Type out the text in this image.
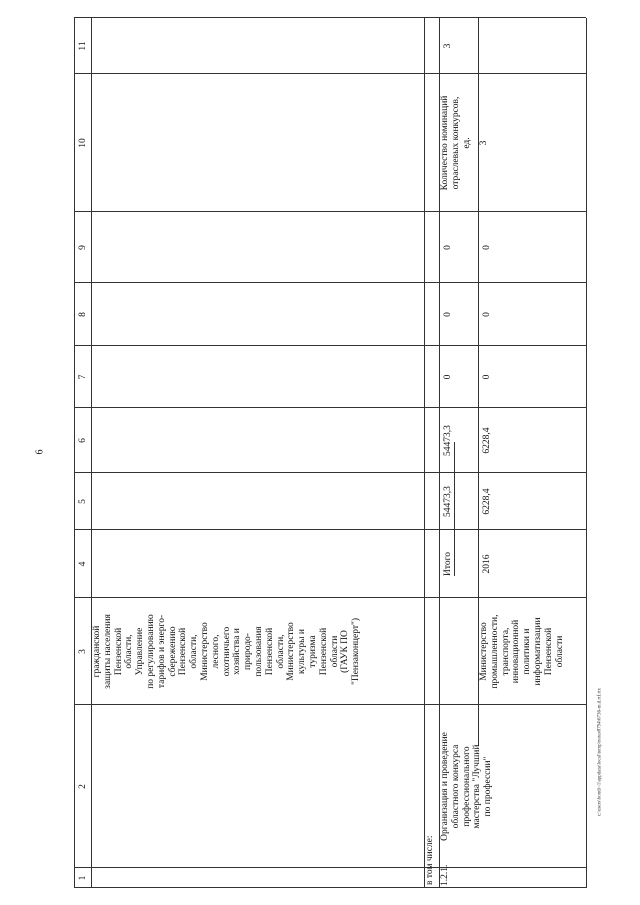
6
c:\users\bondi~1\appdata\local\temp\notes8794\6736-m.d.rtf.rtx
1
2
3
4
5
6
7
8
9
10
11
гражданской защиты населения Пензенской области, Управление по регулированию тарифов и энерго- сбережению Пензенской области, Министерство лесного, охотничьего хозяйства и природо- пользования Пензенской области, Министерство культуры и туризма Пензенской области (ГАУК ПО "Пензаконцерт")
в том числе: 1.2.1.
Организация и проведение областного конкурса профессионального мастерства "Лучший по профессии"
Итого
54473,3
54473,3
0
0
0
Количество номинаций отраслевых конкурсов, ед.
3
Министерство промышленности, транспорта, инновационной политики и информатизации Пензенской области
2016
6228,4
6228,4
0
0
0
3
